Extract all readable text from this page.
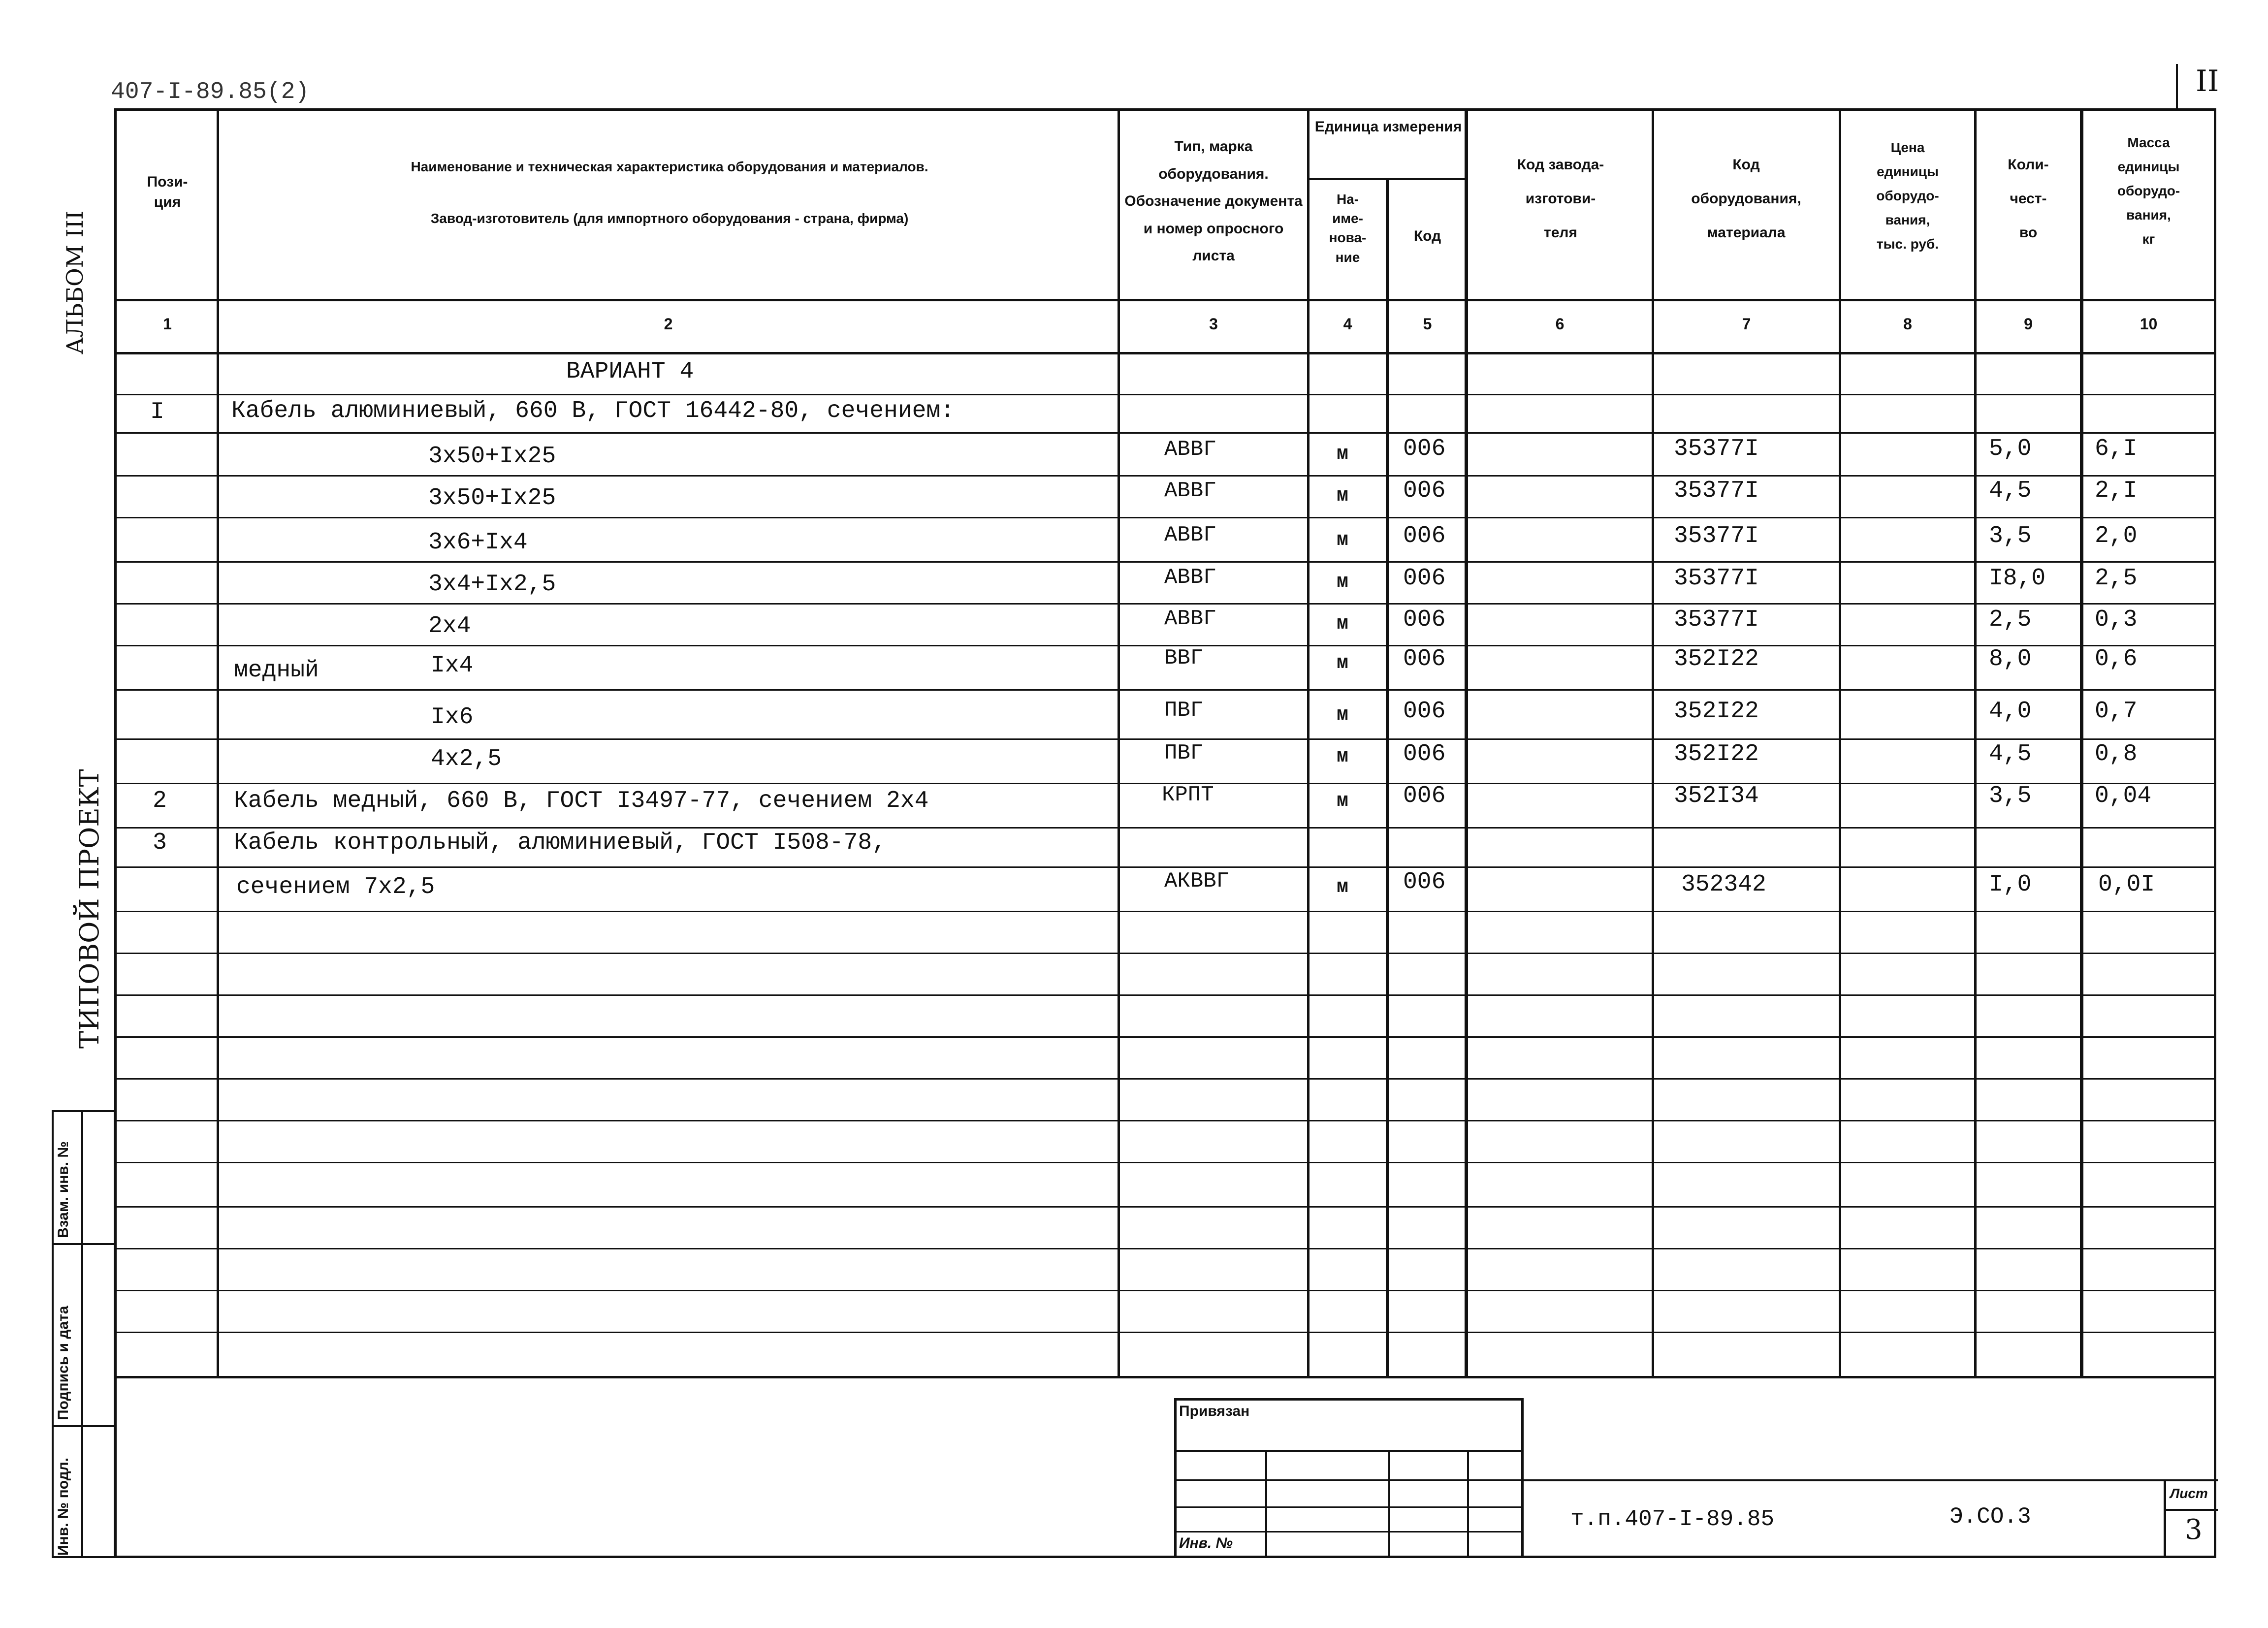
407-I-89.85(2)	II
АЛЬБОМ III
ТИПОВОЙ ПРОЕКТ
Взам. инв. №
Подпись и дата
Инв. № подл.
Пози-
ция
Наименование и техническая характеристика оборудования и материалов.
Завод-изготовитель (для импортного оборудования - страна, фирма)
Тип, марка оборудования. Обозначение документа и номер опросного листа
Единица измерения
На-
име-
нова-
ние
Код
Код завода-
изготови-
теля
Код
оборудования,
материала
Цена
единицы
оборудо-
вания,
тыс. руб.
Коли-
чест-
во
Масса
единицы
оборудо-
вания,
кг
1	2	3	4	5	6	7	8	9	10
ВАРИАНТ 4
I	Кабель алюминиевый, 660 В, ГОСТ 16442-80, сечением:
3x50+Ix25	АВВГ	м 006	35377I	5,0	6,I
3x50+Ix25	АВВГ	м 006	35377I	4,5	2,I
3x6+Ix4	АВВГ	м 006	35377I	3,5	2,0
3x4+Ix2,5	АВВГ	м 006	35377I	I8,0 2,5
2x4	АВВГ	м 006	35377I	2,5	0,3
медный	Ix4	ВВГ	м 006	352I22	8,0	0,6
Ix6	ПВГ	м 006	352I22	4,0	0,7
4x2,5	ПВГ	м 006	352I22	4,5	0,8
2	Кабель медный, 660 В, ГОСТ I3497-77, сечением 2x4	КРПТ	м 006	352I34	3,5	0,04
3	Кабель контрольный, алюминиевый, ГОСТ I508-78,
сечением 7x2,5	АКВВГ	м 006	352342	I,0	0,0I
Привязан
Инв. №
т.п.407-I-89.85	Э.СО.3
Лист
3
